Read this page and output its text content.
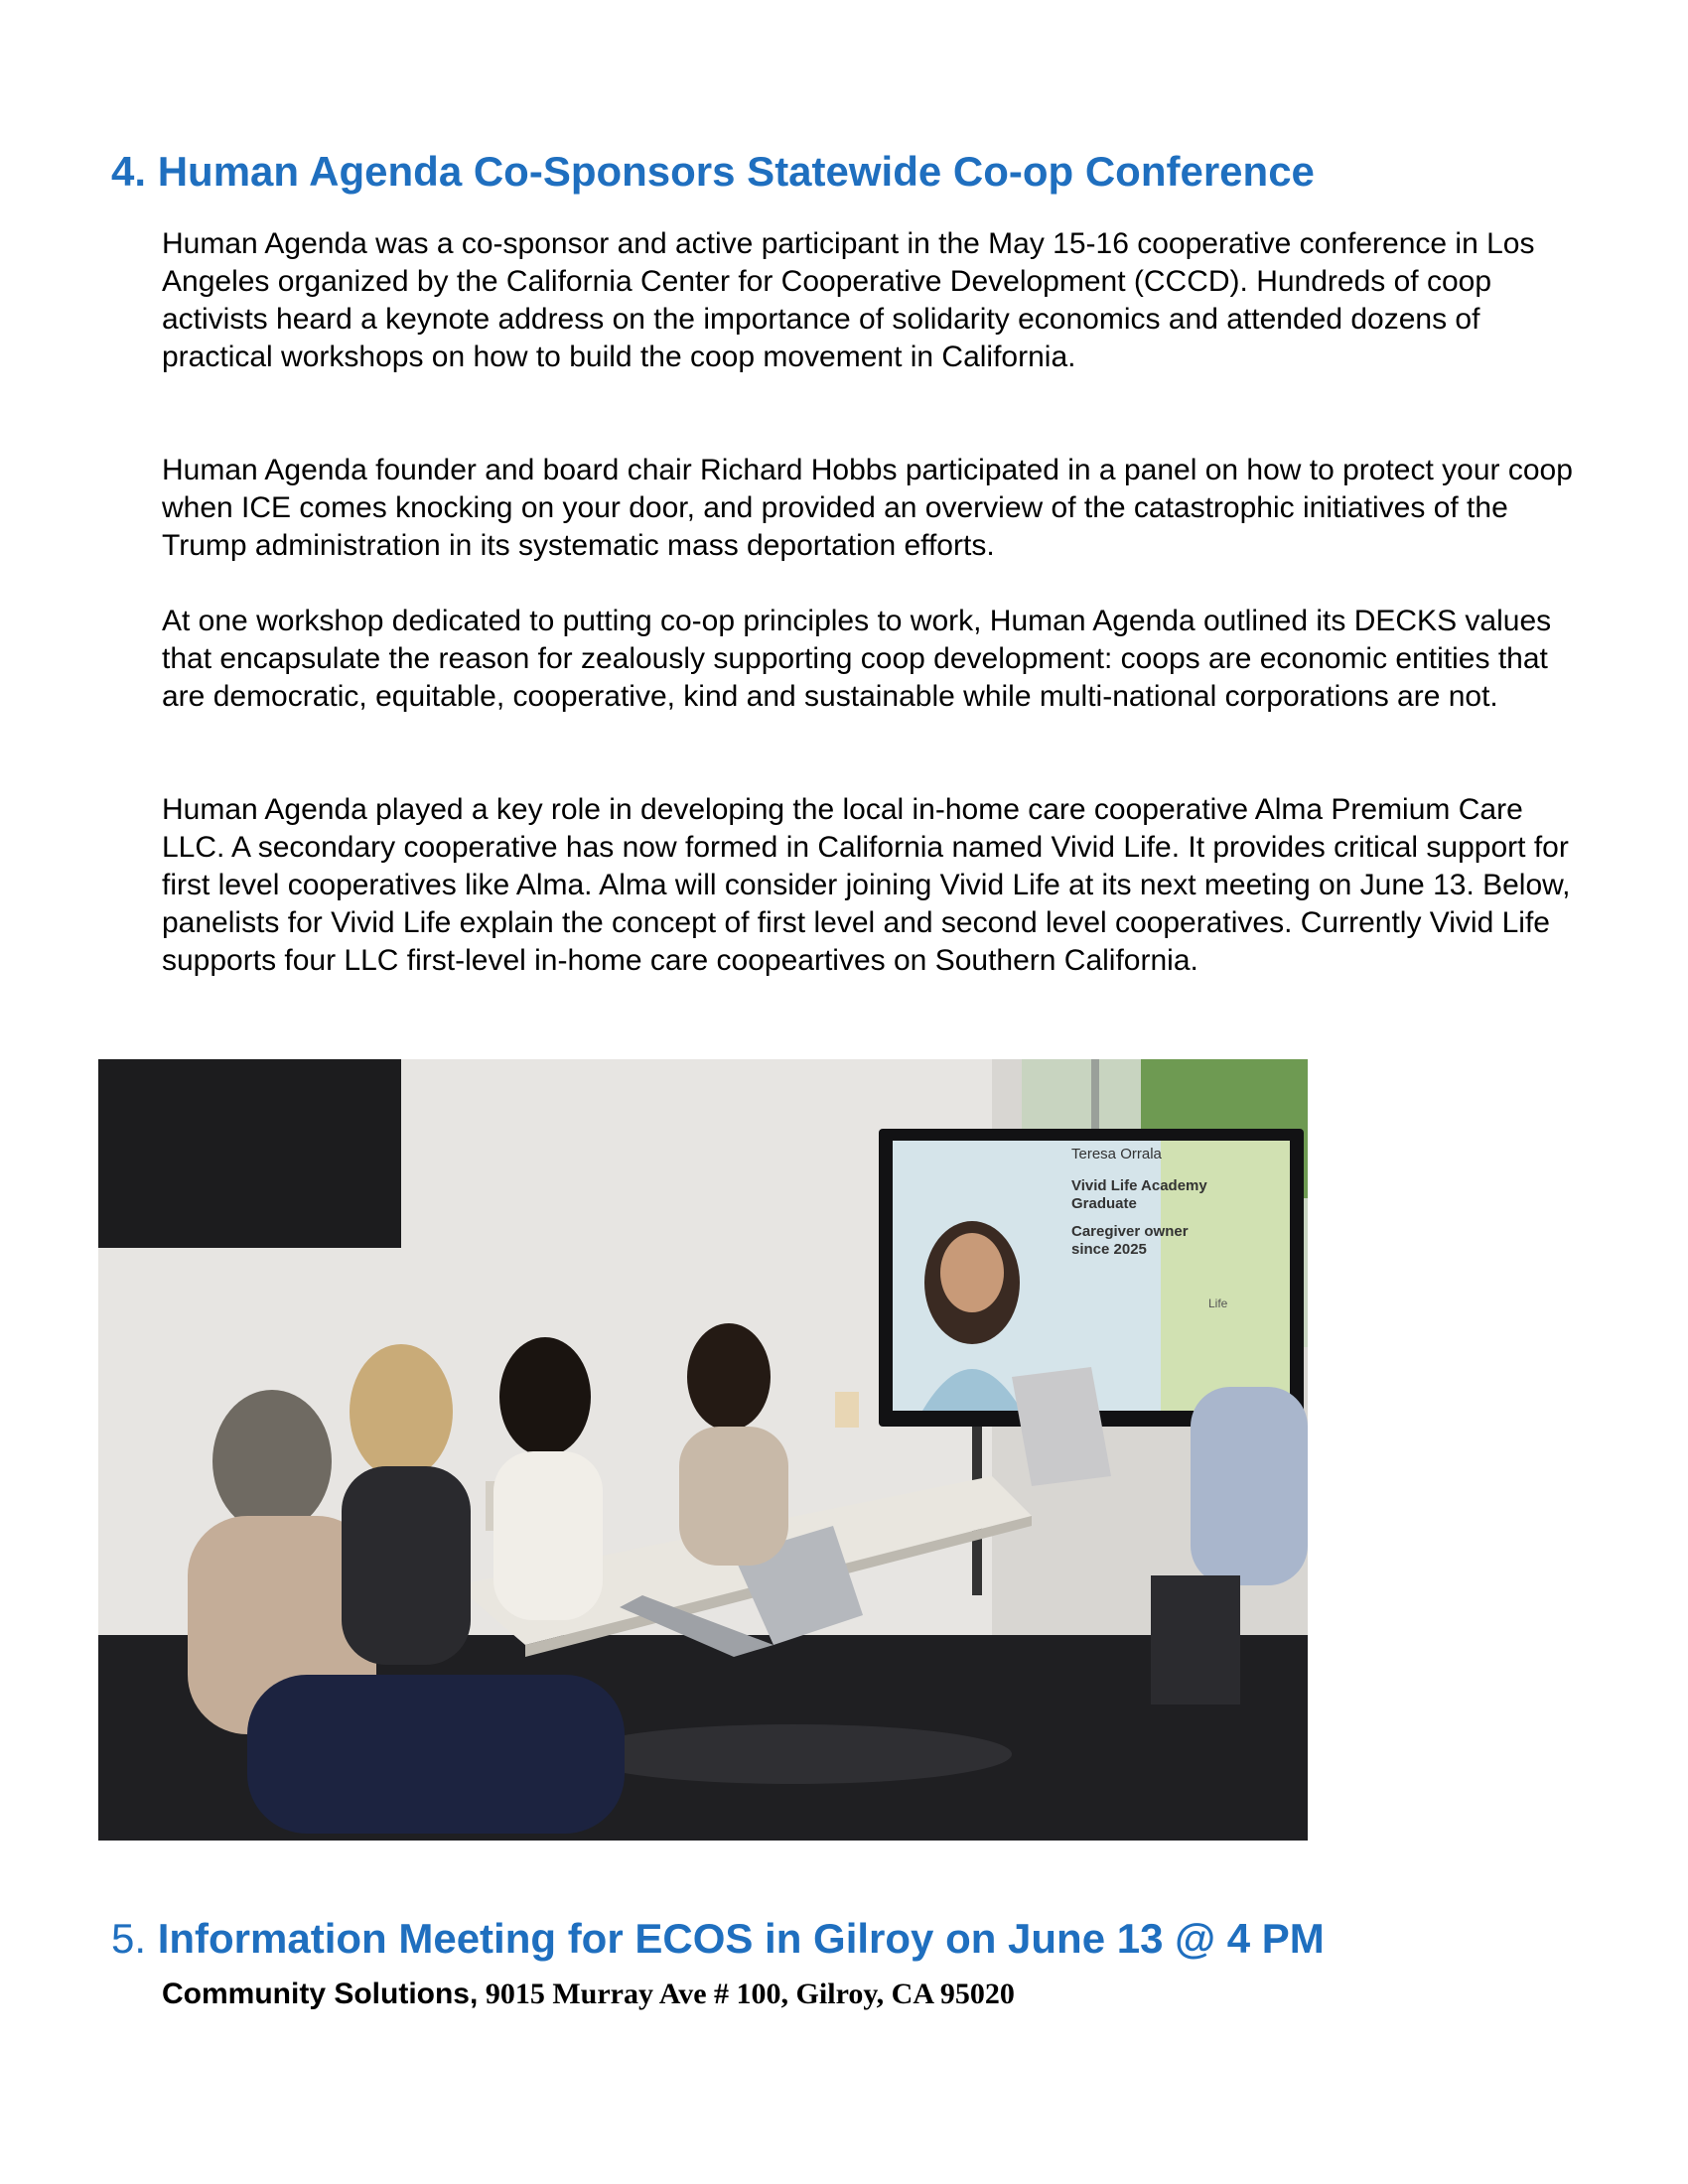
4. Human Agenda Co-Sponsors Statewide Co-op Conference

Human Agenda was a co-sponsor and active participant in the May 15-16 cooperative conference in Los Angeles organized by the California Center for Cooperative Development (CCCD). Hundreds of coop activists heard a keynote address on the importance of solidarity economics and attended dozens of practical workshops on how to build the coop movement in California.

Human Agenda founder and board chair Richard Hobbs participated in a panel on how to protect your coop when ICE comes knocking on your door, and provided an overview of the catastrophic initiatives of the Trump administration in its systematic mass deportation efforts.

At one workshop dedicated to putting co-op principles to work, Human Agenda outlined its DECKS values that encapsulate the reason for zealously supporting coop development: coops are economic entities that are democratic, equitable, cooperative, kind and sustainable while multi-national corporations are not.

Human Agenda played a key role in developing the local in-home care cooperative Alma Premium Care LLC. A secondary cooperative has now formed in California named Vivid Life. It provides critical support for first level cooperatives like Alma. Alma will consider joining Vivid Life at its next meeting on June 13. Below, panelists for Vivid Life explain the concept of first level and second level cooperatives. Currently Vivid Life supports four LLC first-level in-home care coopeartives on Southern California.

Teresa Orrala
Vivid Life Academy
Graduate
Caregiver owner
since 2025
Life
5. Information Meeting for ECOS in Gilroy on June 13 @ 4 PM
Community Solutions, 9015 Murray Ave # 100, Gilroy, CA 95020
